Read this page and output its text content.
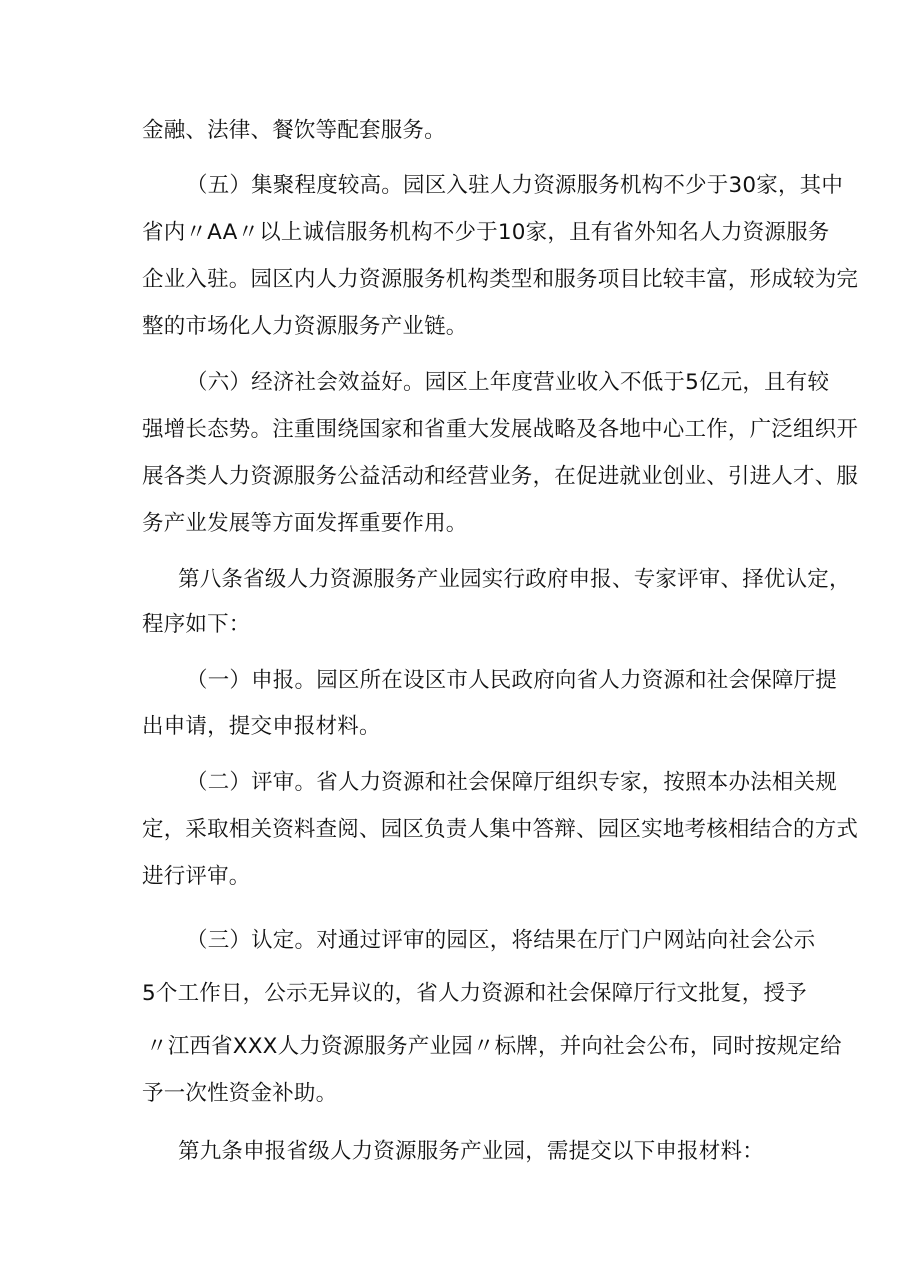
金融、法律、餐饮等配套服务。
（五）集聚程度较高。园区入驻人力资源服务机构不少于30家，其中
省内〃AA〃以上诚信服务机构不少于10家，且有省外知名人力资源服务
企业入驻。园区内人力资源服务机构类型和服务项目比较丰富，形成较为完
整的市场化人力资源服务产业链。
（六）经济社会效益好。园区上年度营业收入不低于5亿元，且有较
强增长态势。注重围绕国家和省重大发展战略及各地中心工作，广泛组织开
展各类人力资源服务公益活动和经营业务，在促进就业创业、引进人才、服
务产业发展等方面发挥重要作用。
第八条省级人力资源服务产业园实行政府申报、专家评审、择优认定，
程序如下：
（一）申报。园区所在设区市人民政府向省人力资源和社会保障厅提
出申请，提交申报材料。
（二）评审。省人力资源和社会保障厅组织专家，按照本办法相关规
定，采取相关资料查阅、园区负责人集中答辩、园区实地考核相结合的方式
进行评审。
（三）认定。对通过评审的园区，将结果在厅门户网站向社会公示
5个工作日，公示无异议的，省人力资源和社会保障厅行文批复，授予
〃江西省XXX人力资源服务产业园〃标牌，并向社会公布，同时按规定给
予一次性资金补助。
第九条申报省级人力资源服务产业园，需提交以下申报材料：
